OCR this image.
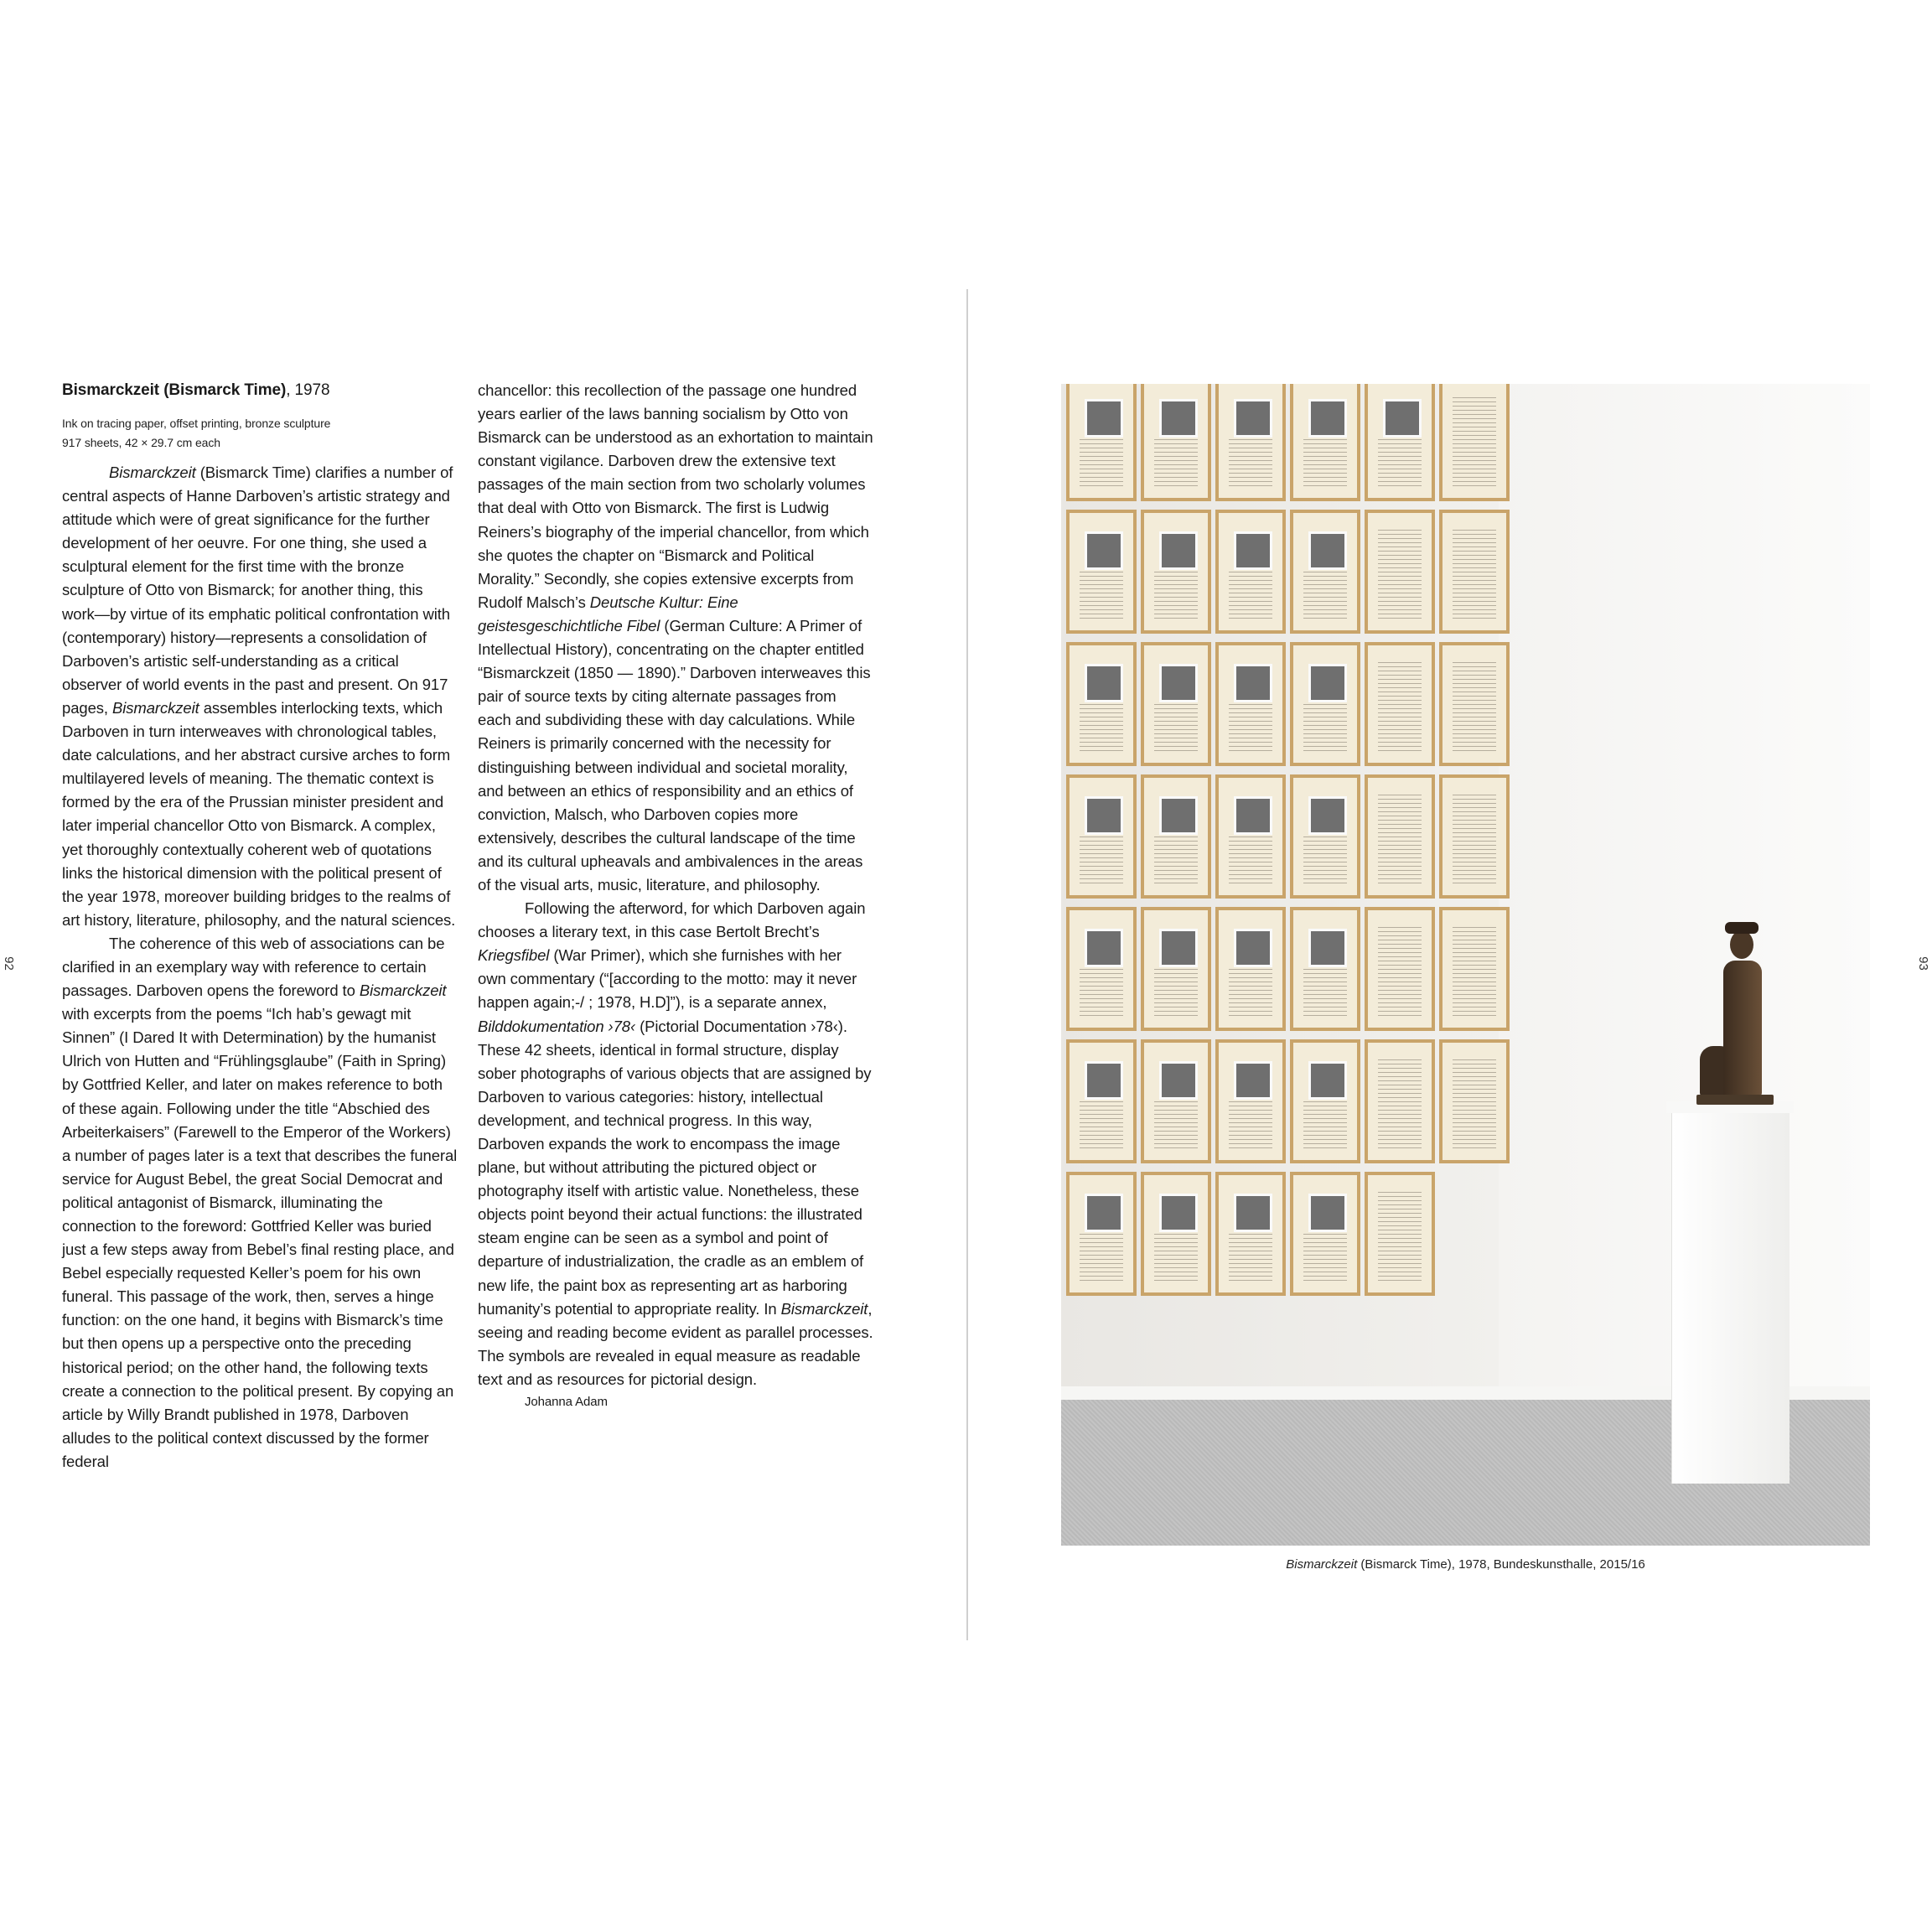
92	93
Bismarckzeit (Bismarck Time), 1978
Ink on tracing paper, offset printing, bronze sculpture
917 sheets, 42 × 29.7 cm each

Bismarckzeit (Bismarck Time) clarifies a number of central aspects of Hanne Darboven’s artistic strategy and attitude which were of great significance for the further development of her oeuvre. For one thing, she used a sculptural element for the first time with the bronze sculpture of Otto von Bismarck; for another thing, this work—by virtue of its emphatic political confrontation with (contemporary) history—represents a consolidation of Darboven’s artistic self-understanding as a critical observer of world events in the past and present. On 917 pages, Bismarckzeit assembles interlocking texts, which Darboven in turn interweaves with chronological tables, date calculations, and her abstract cursive arches to form multilayered levels of meaning. The thematic context is formed by the era of the Prussian minister president and later imperial chancellor Otto von Bismarck. A complex, yet thoroughly contextually coherent web of quotations links the historical dimension with the political present of the year 1978, moreover building bridges to the realms of art history, literature, philosophy, and the natural sciences.

The coherence of this web of associations can be clarified in an exemplary way with reference to certain passages. Darboven opens the foreword to Bismarckzeit with excerpts from the poems “Ich hab’s gewagt mit Sinnen” (I Dared It with Determination) by the humanist Ulrich von Hutten and “Frühlingsglaube” (Faith in Spring) by Gottfried Keller, and later on makes reference to both of these again. Following under the title “Abschied des Arbeiterkaisers” (Farewell to the Emperor of the Workers) a number of pages later is a text that describes the funeral service for August Bebel, the great Social Democrat and political antagonist of Bismarck, illuminating the connection to the foreword: Gottfried Keller was buried just a few steps away from Bebel’s final resting place, and Bebel especially requested Keller’s poem for his own funeral. This passage of the work, then, serves a hinge function: on the one hand, it begins with Bismarck’s time but then opens up a perspective onto the preceding historical period; on the other hand, the following texts create a connection to the political present. By copying an article by Willy Brandt published in 1978, Darboven alludes to the political context discussed by the former federal

chancellor: this recollection of the passage one hundred years earlier of the laws banning socialism by Otto von Bismarck can be understood as an exhortation to maintain constant vigilance. Darboven drew the extensive text passages of the main section from two scholarly volumes that deal with Otto von Bismarck. The first is Ludwig Reiners’s biography of the imperial chancellor, from which she quotes the chapter on “Bismarck and Political Morality.” Secondly, she copies extensive excerpts from Rudolf Malsch’s Deutsche Kultur: Eine geistesgeschichtliche Fibel (German Culture: A Primer of Intellectual History), concentrating on the chapter entitled “Bismarckzeit (1850 — 1890).” Darboven interweaves this pair of source texts by citing alternate passages from each and subdividing these with day calculations. While Reiners is primarily concerned with the necessity for distinguishing between individual and societal morality, and between an ethics of responsibility and an ethics of conviction, Malsch, who Darboven copies more extensively, describes the cultural landscape of the time and its cultural upheavals and ambivalences in the areas of the visual arts, music, literature, and philosophy.

Following the afterword, for which Darboven again chooses a literary text, in this case Bertolt Brecht’s Kriegsfibel (War Primer), which she furnishes with her own commentary (“[according to the motto: may it never happen again;-/ ; 1978, H.D]”), is a separate annex, Bilddokumentation ›78‹ (Pictorial Documentation ›78‹). These 42 sheets, identical in formal structure, display sober photographs of various objects that are assigned by Darboven to various categories: history, intellectual development, and technical progress. In this way, Darboven expands the work to encompass the image plane, but without attributing the pictured object or photography itself with artistic value. Nonetheless, these objects point beyond their actual functions: the illustrated steam engine can be seen as a symbol and point of departure of industrialization, the cradle as an emblem of new life, the paint box as representing art as harboring humanity’s potential to appropriate reality. In Bismarckzeit, seeing and reading become evident as parallel processes. The symbols are revealed in equal measure as readable text and as resources for pictorial design.

Johanna Adam
Bismarckzeit (Bismarck Time), 1978, Bundeskunsthalle, 2015/16
